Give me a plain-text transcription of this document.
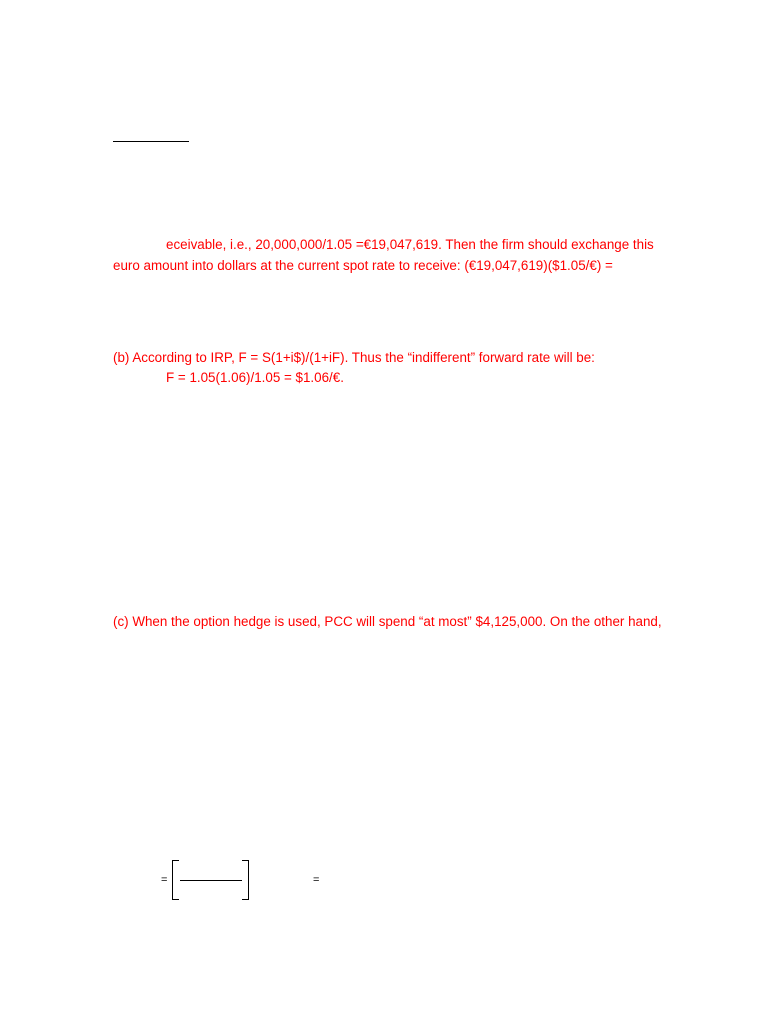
eceivable, i.e., 20,000,000/1.05 =€19,047,619. Then the firm should exchange this
euro amount into dollars at the current spot rate to receive: (€19,047,619)($1.05/€) =
(b) According to IRP, F = S(1+i$)/(1+iF). Thus the “indifferent” forward rate will be:
F = 1.05(1.06)/1.05 = $1.06/€.
(c) When the option hedge is used, PCC will spend “at most” $4,125,000. On the other hand,
=	=
